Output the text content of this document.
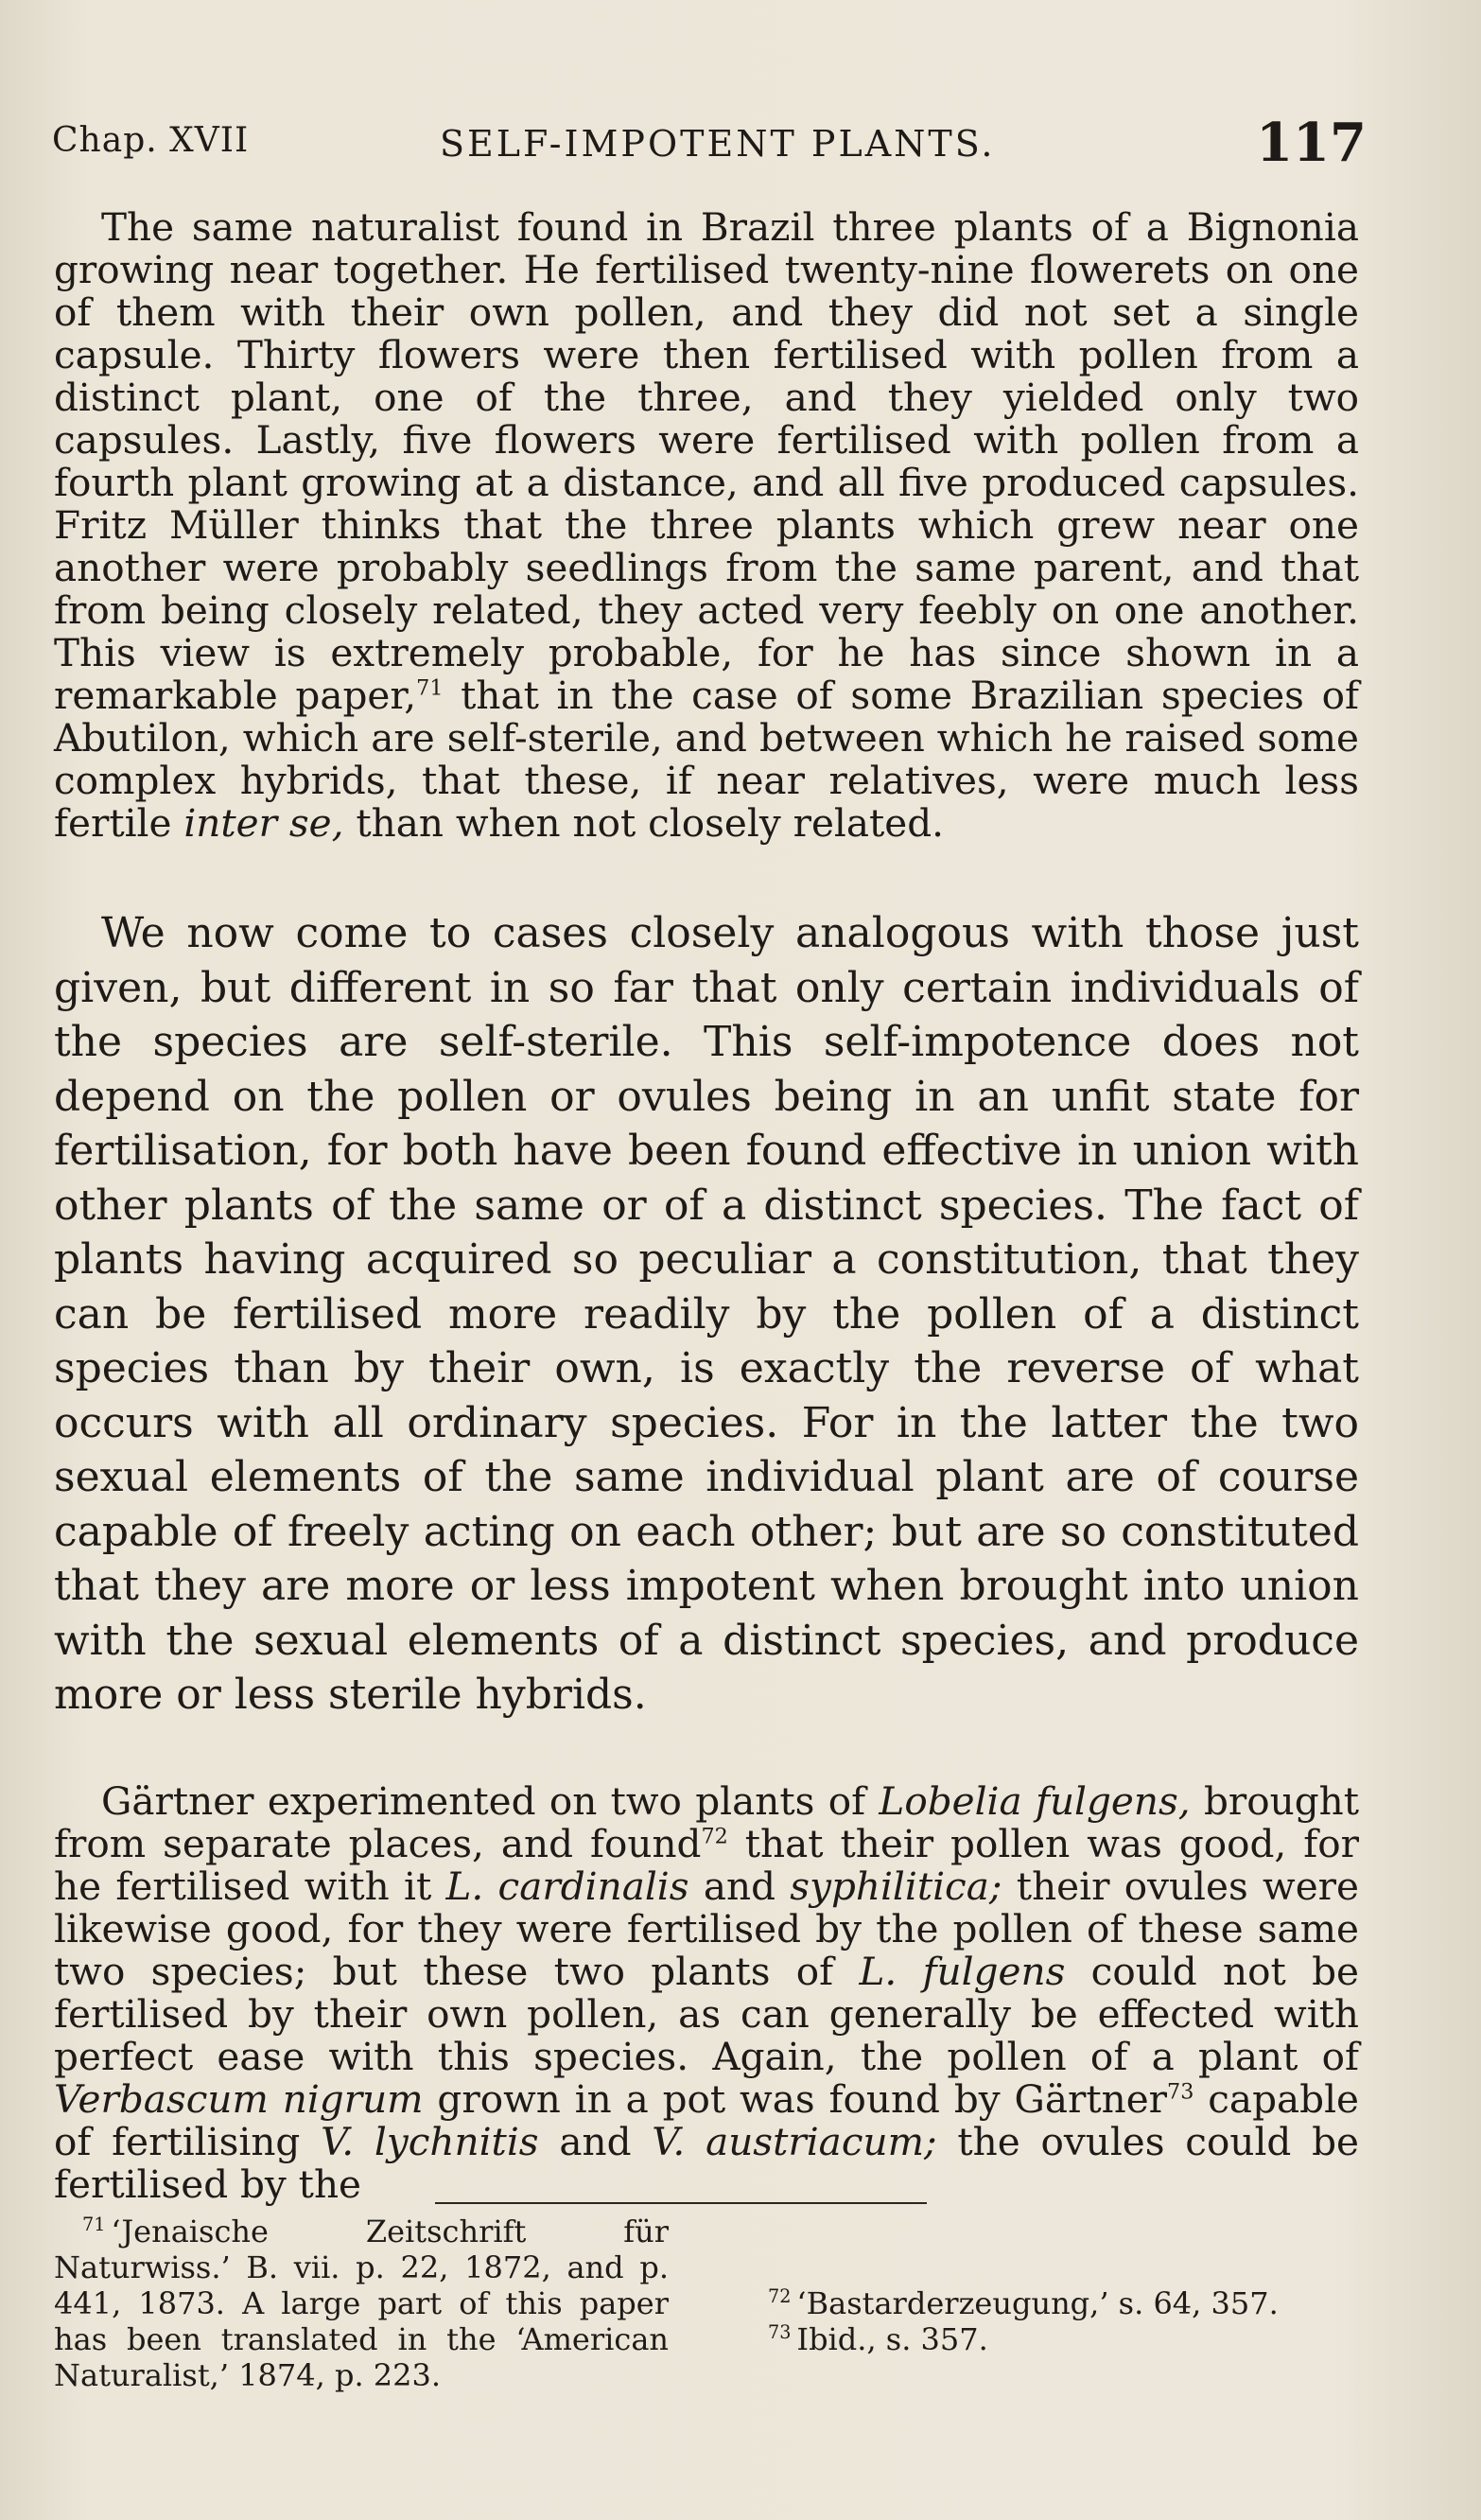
Chap. XVII	SELF-IMPOTENT PLANTS.	117

The same naturalist found in Brazil three plants of a Bignonia growing near together. He fertilised twenty-nine flowerets on one of them with their own pollen, and they did not set a single capsule. Thirty flowers were then fertilised with pollen from a distinct plant, one of the three, and they yielded only two capsules. Lastly, five flowers were fertilised with pollen from a fourth plant growing at a distance, and all five produced capsules. Fritz Müller thinks that the three plants which grew near one another were probably seedlings from the same parent, and that from being closely related, they acted very feebly on one another. This view is extremely probable, for he has since shown in a remarkable paper,$^{71}$ that in the case of some Brazilian species of Abutilon, which are self-sterile, and between which he raised some complex hybrids, that these, if near relatives, were much less fertile inter se, than when not closely related.

We now come to cases closely analogous with those just given, but different in so far that only certain individuals of the species are self-sterile. This self-impotence does not depend on the pollen or ovules being in an unfit state for fertilisation, for both have been found effective in union with other plants of the same or of a distinct species. The fact of plants having acquired so peculiar a constitution, that they can be fertilised more readily by the pollen of a distinct species than by their own, is exactly the reverse of what occurs with all ordinary species. For in the latter the two sexual elements of the same individual plant are of course capable of freely acting on each other; but are so constituted that they are more or less impotent when brought into union with the sexual elements of a distinct species, and produce more or less sterile hybrids.

Gärtner experimented on two plants of Lobelia fulgens, brought from separate places, and found$^{72}$ that their pollen was good, for he fertilised with it L. cardinalis and syphilitica; their ovules were likewise good, for they were fertilised by the pollen of these same two species; but these two plants of L. fulgens could not be fertilised by their own pollen, as can generally be effected with perfect ease with this species. Again, the pollen of a plant of Verbascum nigrum grown in a pot was found by Gärtner$^{73}$ capable of fertilising V. lychnitis and V. austriacum; the ovules could be fertilised by the

$^{71}$ ‘Jenaische Zeitschrift für Naturwiss.’ B. vii. p. 22, 1872, and p. 441, 1873. A large part of this paper has been translated in the ‘American Naturalist,’ 1874, p. 223.

$^{72}$ ‘Bastarderzeugung,’ s. 64, 357.

$^{73}$ Ibid., s. 357.
